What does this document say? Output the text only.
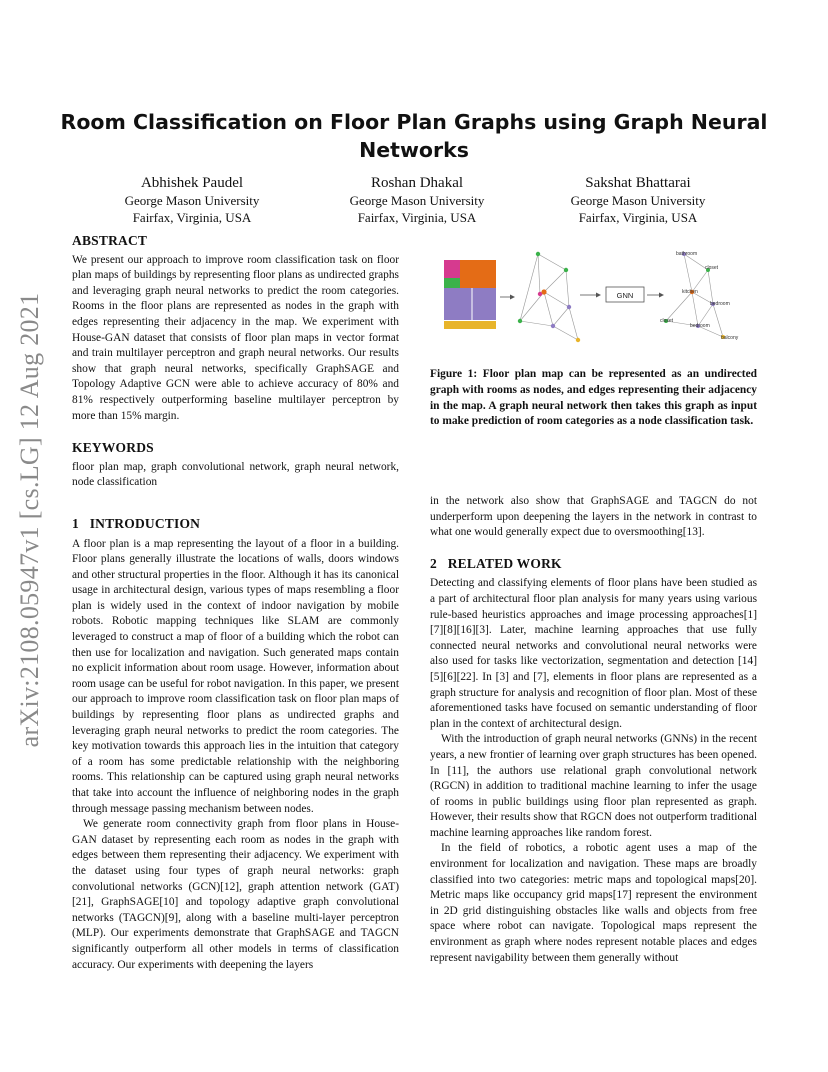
Room Classification on Floor Plan Graphs using Graph Neural Networks
Abhishek Paudel
George Mason University
Fairfax, Virginia, USA
Roshan Dhakal
George Mason University
Fairfax, Virginia, USA
Sakshat Bhattarai
George Mason University
Fairfax, Virginia, USA
arXiv:2108.05947v1 [cs.LG] 12 Aug 2021
ABSTRACT

We present our approach to improve room classification task on floor plan maps of buildings by representing floor plans as undirected graphs and leveraging graph neural networks to predict the room categories. Rooms in the floor plans are represented as nodes in the graph with edges representing their adjacency in the map. We experiment with House-GAN dataset that consists of floor plan maps in vector format and train multilayer perceptron and graph neural networks. Our results show that graph neural networks, specifically GraphSAGE and Topology Adaptive GCN were able to achieve accuracy of 80% and 81% respectively outperforming baseline multilayer perceptron by more than 15% margin.

KEYWORDS

floor plan map, graph convolutional network, graph neural network, node classification

1 INTRODUCTION

A floor plan is a map representing the layout of a floor in a building. Floor plans generally illustrate the locations of walls, doors windows and other structural properties in the floor. Although it has its canonical usage in architectural design, various types of maps resembling a floor plan is widely used in the context of indoor navigation by mobile robots. Robotic mapping techniques like SLAM are commonly leveraged to construct a map of floor of a building which the robot can then use for localization and navigation. Such generated maps contain no explicit information about room usage. However, information about room usage can be useful for robot navigation. In this paper, we present our approach to improve room classification task on floor plan maps of buildings by representing floor plans as undirected graphs and leveraging graph neural networks to predict the room categories. The key motivation towards this approach lies in the intuition that category of a room has some predictable relationship with the neighboring rooms. This relationship can be captured using graph neural networks that take into account the influence of neighboring nodes in the graph through message passing mechanism between nodes.

We generate room connectivity graph from floor plans in House-GAN dataset by representing each room as nodes in the graph with edges between them representing their adjacency. We experiment with the dataset using four types of graph neural networks: graph convolutional networks (GCN)[12], graph attention network (GAT)[21], GraphSAGE[10] and topology adaptive graph convolutional networks (TAGCN)[9], along with a baseline multi-layer perceptron (MLP). Our experiments demonstrate that GraphSAGE and TAGCN significantly outperform all other models in terms of classification accuracy. Our experiments with deepening the layers

GNN
bathroom
closet
kitchen
bedroom
closet
bedroom
balcony

Figure 1: Floor plan map can be represented as an undirected graph with rooms as nodes, and edges representing their adjacency in the map. A graph neural network then takes this graph as input to make prediction of room categories as a node classification task.

in the network also show that GraphSAGE and TAGCN do not underperform upon deepening the layers in the network in contrast to what one would generally expect due to oversmoothing[13].

2 RELATED WORK

Detecting and classifying elements of floor plans have been studied as a part of architectural floor plan analysis for many years using various rule-based heuristics approaches and image processing approaches[1][7][8][16][3]. Later, machine learning approaches that use fully connected neural networks and convolutional neural networks were also used for tasks like vectorization, segmentation and detection [14][5][6][22]. In [3] and [7], elements in floor plans are represented as a graph structure for analysis and recognition of floor plan. Most of these aforementioned tasks have focused on semantic understanding of floor plan in the context of architectural design.

With the introduction of graph neural networks (GNNs) in the recent years, a new frontier of learning over graph structures has been opened. In [11], the authors use relational graph convolutional network (RGCN) in addition to traditional machine learning to infer the usage of rooms in public buildings using floor plan represented as graph. However, their results show that RGCN does not outperform traditional machine learning approaches like random forest.

In the field of robotics, a robotic agent uses a map of the environment for localization and navigation. These maps are broadly classified into two categories: metric maps and topological maps[20]. Metric maps like occupancy grid maps[17] represent the environment in 2D grid distinguishing obstacles like walls and objects from free space where robot can navigate. Topological maps represent the environment as graph where nodes represent notable places and edges represent navigability between them generally without
